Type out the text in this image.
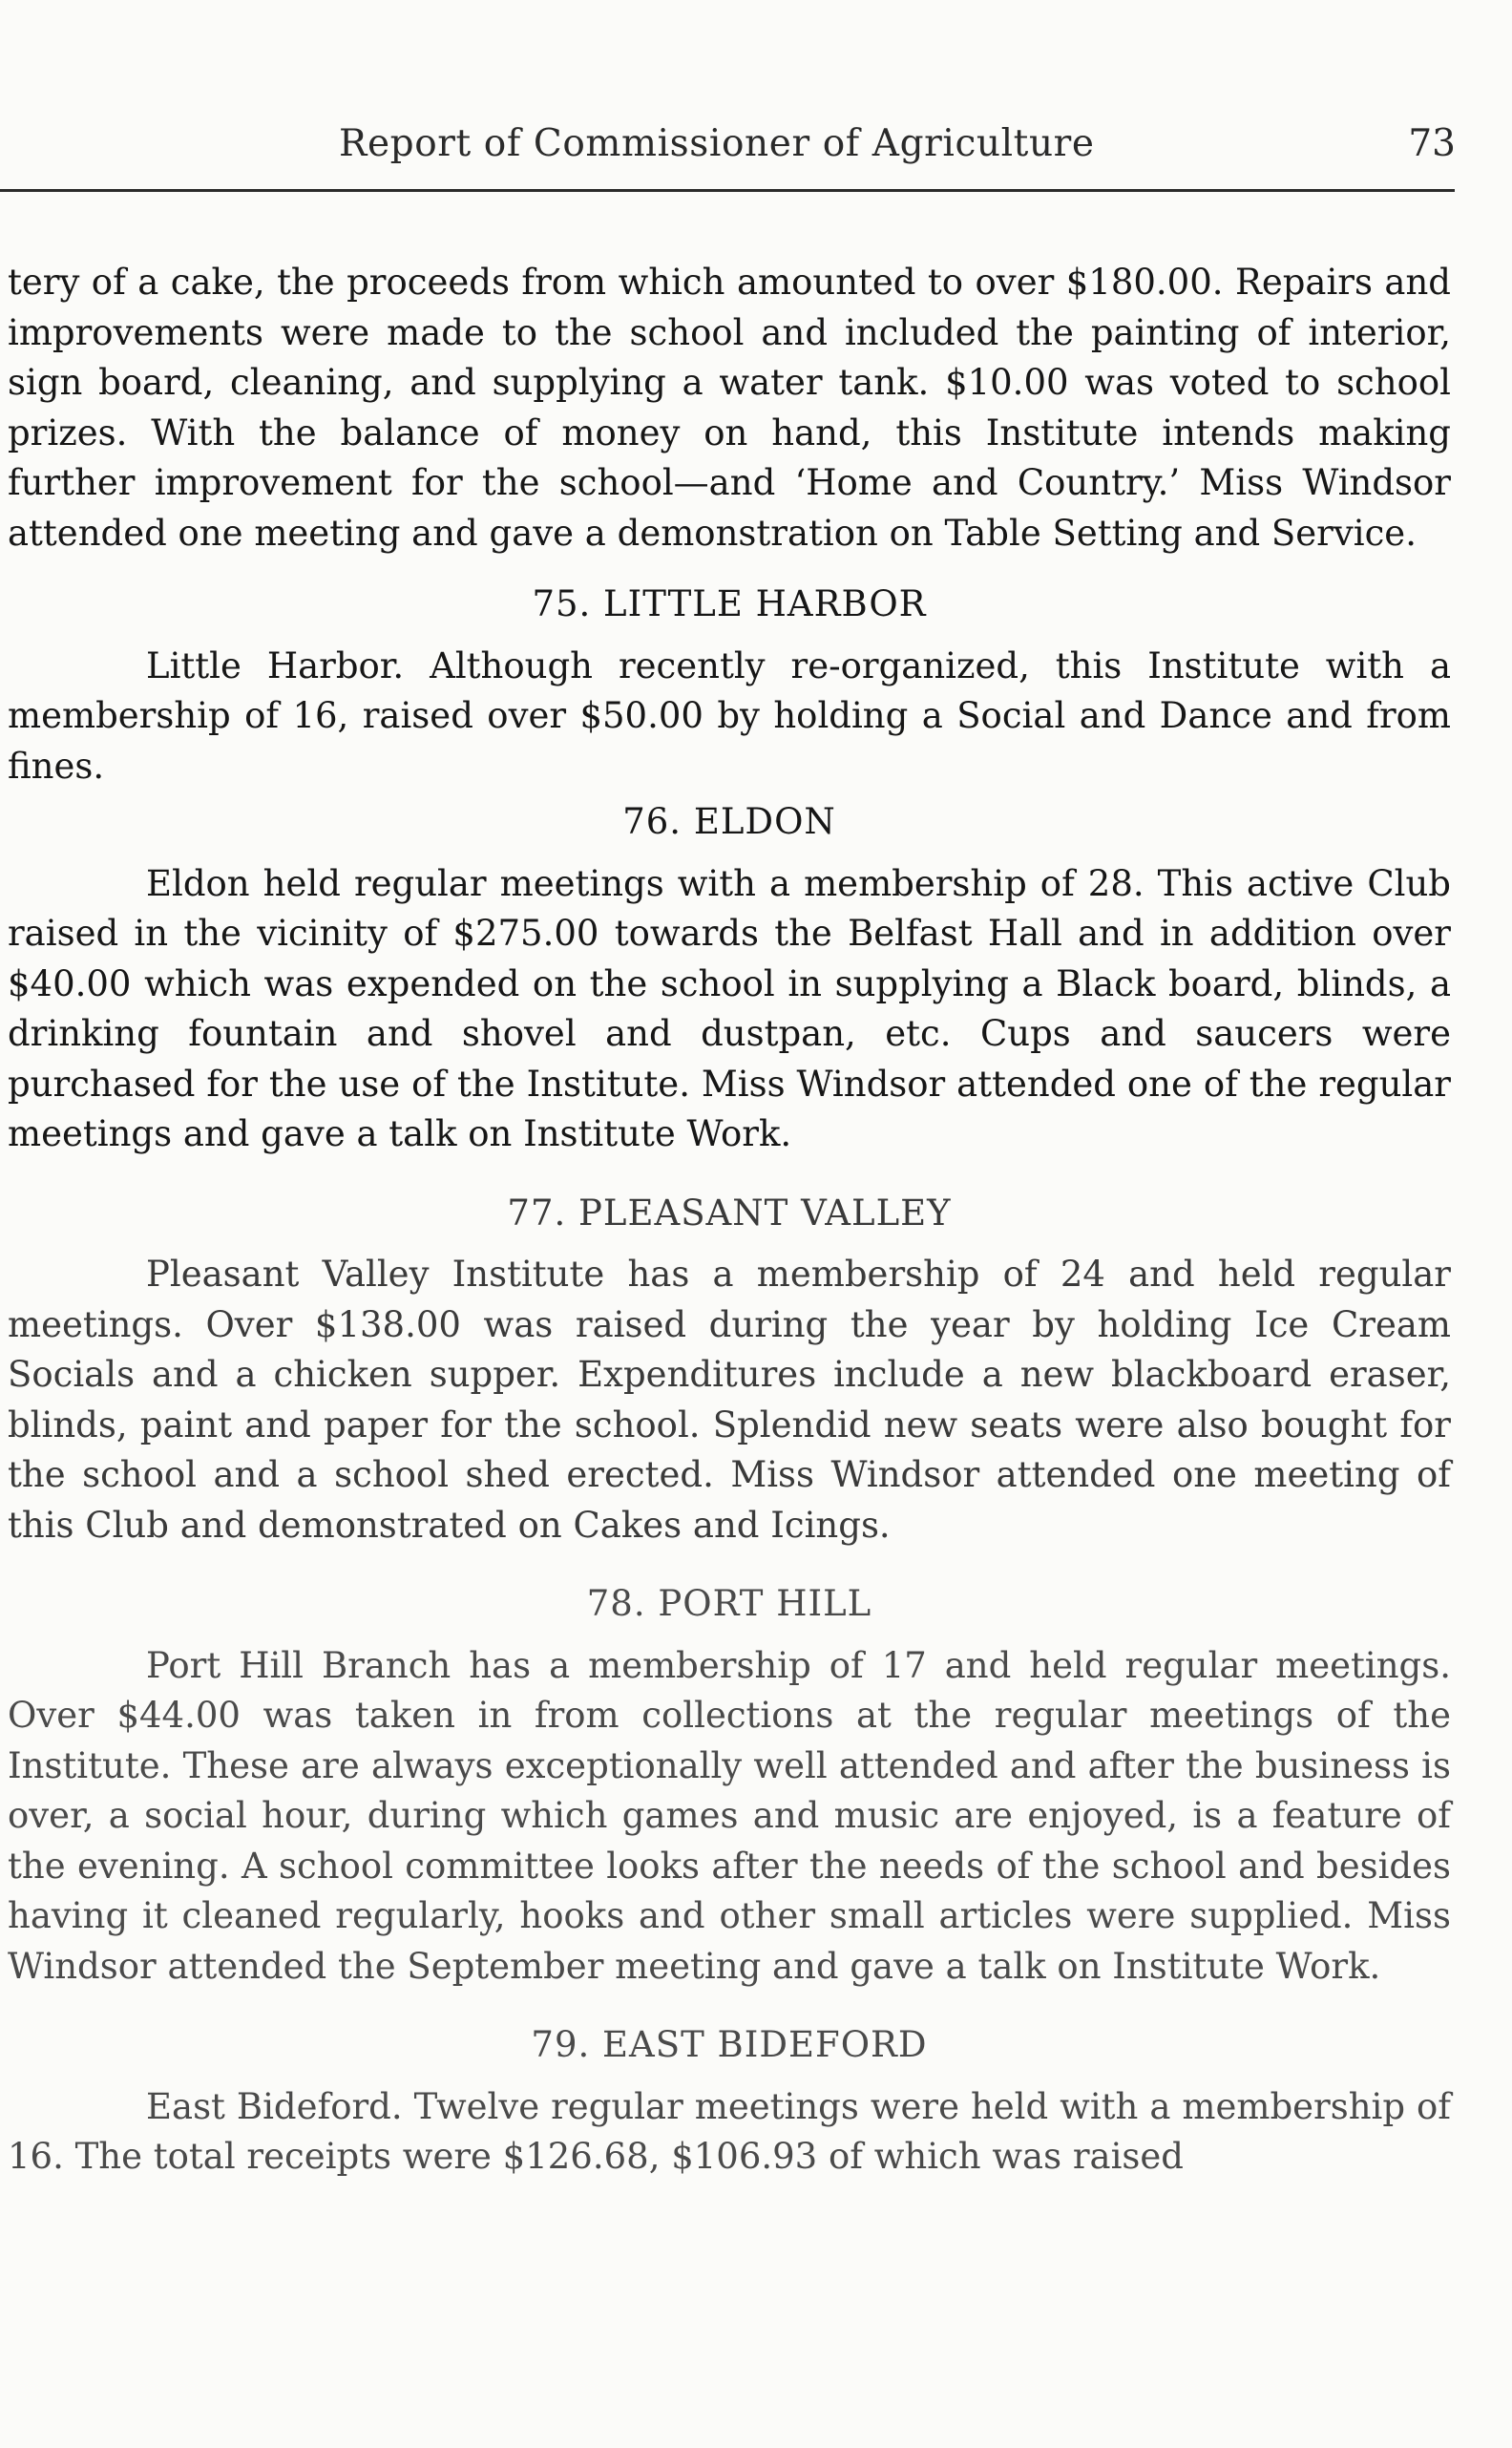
Report of Commissioner of Agriculture	73

tery of a cake, the proceeds from which amounted to over $180.00. Repairs and improvements were made to the school and included the painting of interior, sign board, cleaning, and supplying a water tank. $10.00 was voted to school prizes. With the balance of money on hand, this Institute intends making further improvement for the school—and ‘Home and Country.’ Miss Windsor attended one meeting and gave a demonstration on Table Setting and Service.

75. LITTLE HARBOR

Little Harbor. Although recently re-organized, this Institute with a membership of 16, raised over $50.00 by holding a Social and Dance and from fines.

76. ELDON

Eldon held regular meetings with a membership of 28. This active Club raised in the vicinity of $275.00 towards the Belfast Hall and in addition over $40.00 which was expended on the school in supplying a Black board, blinds, a drinking fountain and shovel and dustpan, etc. Cups and saucers were purchased for the use of the Institute. Miss Windsor attended one of the regular meetings and gave a talk on Institute Work.

77. PLEASANT VALLEY

Pleasant Valley Institute has a membership of 24 and held regular meetings. Over $138.00 was raised during the year by holding Ice Cream Socials and a chicken supper. Expenditures include a new blackboard eraser, blinds, paint and paper for the school. Splendid new seats were also bought for the school and a school shed erected. Miss Windsor attended one meeting of this Club and demonstrated on Cakes and Icings.

78. PORT HILL

Port Hill Branch has a membership of 17 and held regular meetings. Over $44.00 was taken in from collections at the regular meetings of the Institute. These are always exceptionally well attended and after the business is over, a social hour, during which games and music are enjoyed, is a feature of the evening. A school committee looks after the needs of the school and besides having it cleaned regularly, hooks and other small articles were supplied. Miss Windsor attended the September meeting and gave a talk on Institute Work.

79. EAST BIDEFORD

East Bideford. Twelve regular meetings were held with a membership of 16. The total receipts were $126.68, $106.93 of which was raised
